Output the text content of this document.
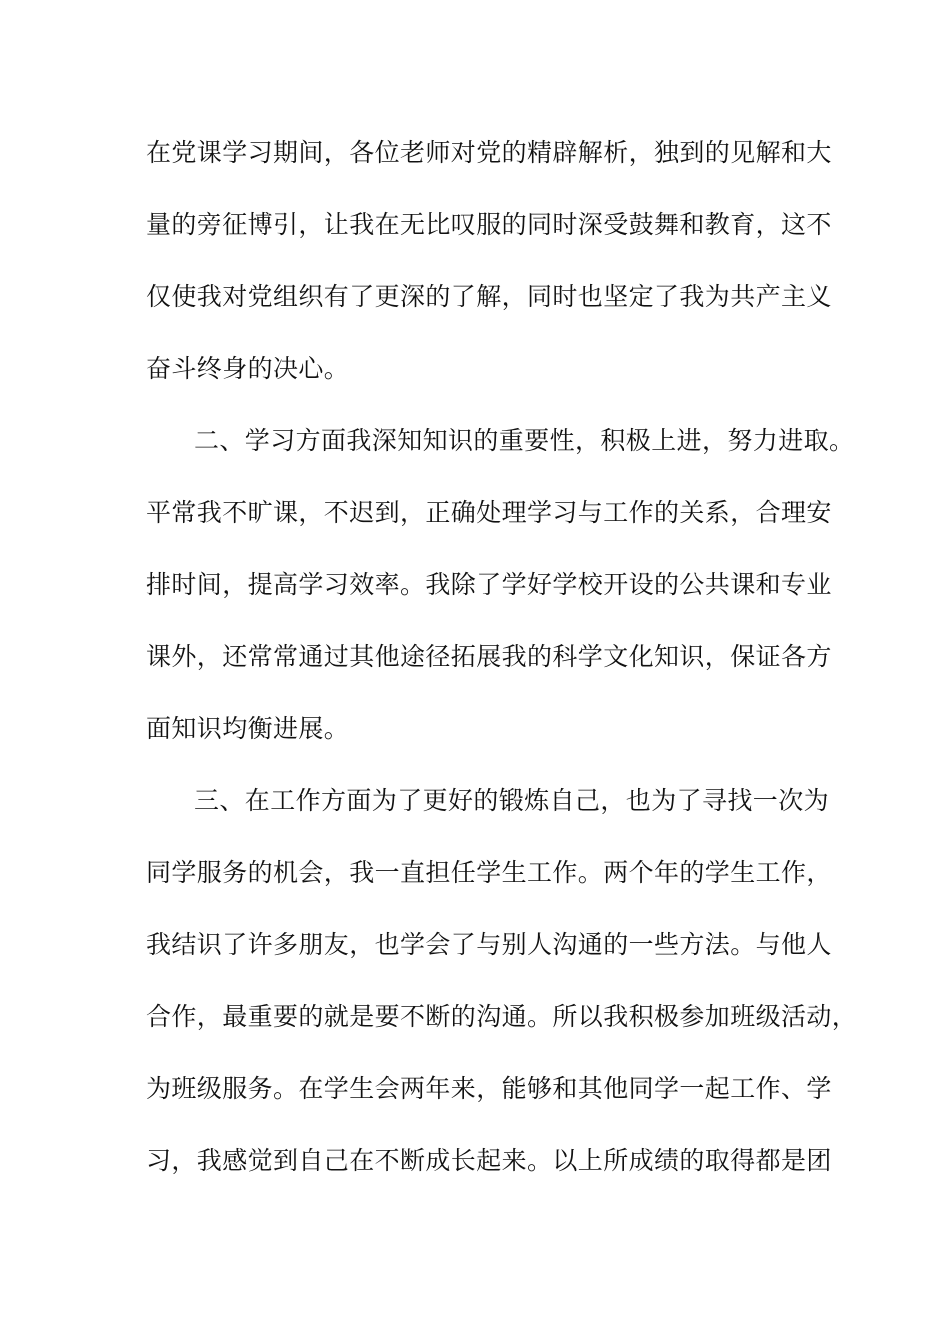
在党课学习期间，各位老师对党的精辟解析，独到的见解和大
量的旁征博引，让我在无比叹服的同时深受鼓舞和教育，这不
仅使我对党组织有了更深的了解，同时也坚定了我为共产主义
奋斗终身的决心。
二、学习方面我深知知识的重要性，积极上进，努力进取。
平常我不旷课，不迟到，正确处理学习与工作的关系，合理安
排时间，提高学习效率。我除了学好学校开设的公共课和专业
课外，还常常通过其他途径拓展我的科学文化知识，保证各方
面知识均衡进展。
三、在工作方面为了更好的锻炼自己，也为了寻找一次为
同学服务的机会，我一直担任学生工作。两个年的学生工作，
我结识了许多朋友，也学会了与别人沟通的一些方法。与他人
合作，最重要的就是要不断的沟通。所以我积极参加班级活动，
为班级服务。在学生会两年来，能够和其他同学一起工作、学
习，我感觉到自己在不断成长起来。以上所成绩的取得都是团
